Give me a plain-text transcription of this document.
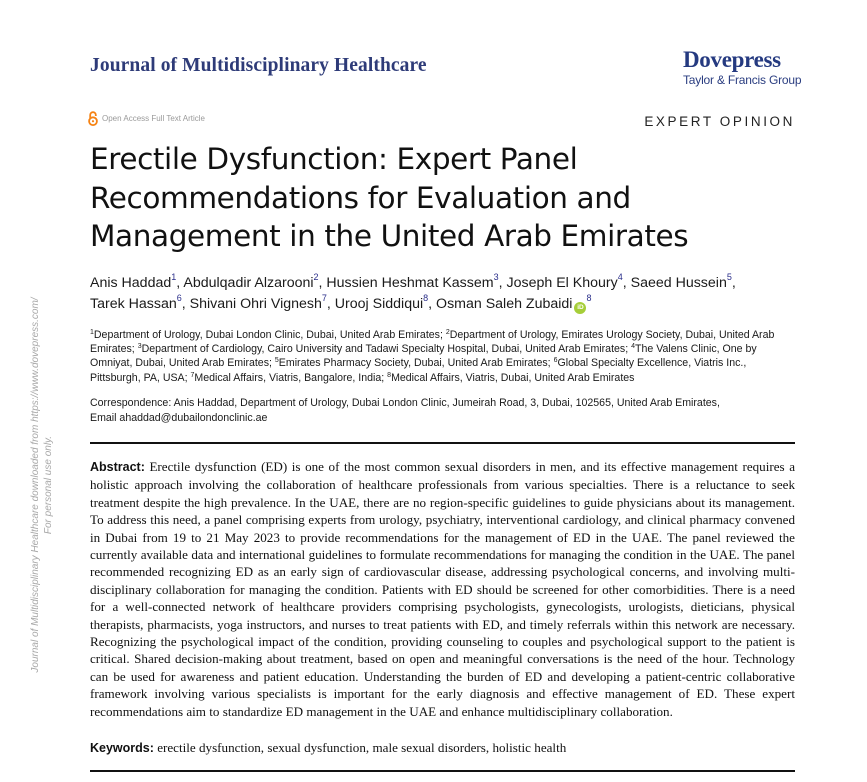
Journal of Multidisciplinary Healthcare downloaded from https://www.dovepress.com/ For personal use only.
Journal of Multidisciplinary Healthcare	Dovepress
Taylor & Francis Group
Open Access Full Text Article	EXPERT OPINION
Erectile Dysfunction: Expert Panel
Recommendations for Evaluation and
Management in the United Arab Emirates
Anis Haddad$^1$, Abdulqadir Alzarooni$^2$, Hussien Heshmat Kassem$^3$, Joseph El Khoury$^4$, Saeed Hussein$^5$,
Tarek Hassan$^6$, Shivani Ohri Vignesh$^7$, Urooj Siddiqui$^8$, Osman Saleh Zubaidi $iD^8$
$^1$Department of Urology, Dubai London Clinic, Dubai, United Arab Emirates; $^2$Department of Urology, Emirates Urology Society, Dubai, United Arab Emirates; $^3$Department of Cardiology, Cairo University and Tadawi Specialty Hospital, Dubai, United Arab Emirates; $^4$The Valens Clinic, One by Omniyat, Dubai, United Arab Emirates; $^5$Emirates Pharmacy Society, Dubai, United Arab Emirates; $^6$Global Specialty Excellence, Viatris Inc., Pittsburgh, PA, USA; $^7$Medical Affairs, Viatris, Bangalore, India; $^8$Medical Affairs, Viatris, Dubai, United Arab Emirates
Correspondence: Anis Haddad, Department of Urology, Dubai London Clinic, Jumeirah Road, 3, Dubai, 102565, United Arab Emirates,
Email ahaddad@dubailondonclinic.ae
Abstract: Erectile dysfunction (ED) is one of the most common sexual disorders in men, and its effective management requires a holistic approach involving the collaboration of healthcare professionals from various specialties. There is a reluctance to seek treatment despite the high prevalence. In the UAE, there are no region-specific guidelines to guide physicians about its management. To address this need, a panel comprising experts from urology, psychiatry, interventional cardiology, and clinical pharmacy convened in Dubai from 19 to 21 May 2023 to provide recommendations for the management of ED in the UAE. The panel reviewed the currently available data and international guidelines to formulate recommendations for managing the condition in the UAE. The panel recommended recognizing ED as an early sign of cardiovascular disease, addressing psychological concerns, and involving multi-disciplinary collaboration for managing the condition. Patients with ED should be screened for other comorbidities. There is a need for a well-connected network of healthcare providers comprising psychologists, gynecologists, urologists, dieticians, physical therapists, pharmacists, yoga instructors, and nurses to treat patients with ED, and timely referrals within this network are necessary. Recognizing the psychological impact of the condition, providing counseling to couples and psychological support to the patient is critical. Shared decision-making about treatment, based on open and meaningful conversations is the need of the hour. Technology can be used for awareness and patient education. Understanding the burden of ED and developing a patient-centric collaborative framework involving various specialists is important for the early diagnosis and effective management of ED. These expert recommendations aim to standardize ED management in the UAE and enhance multidisciplinary collaboration.
Keywords: erectile dysfunction, sexual dysfunction, male sexual disorders, holistic health
